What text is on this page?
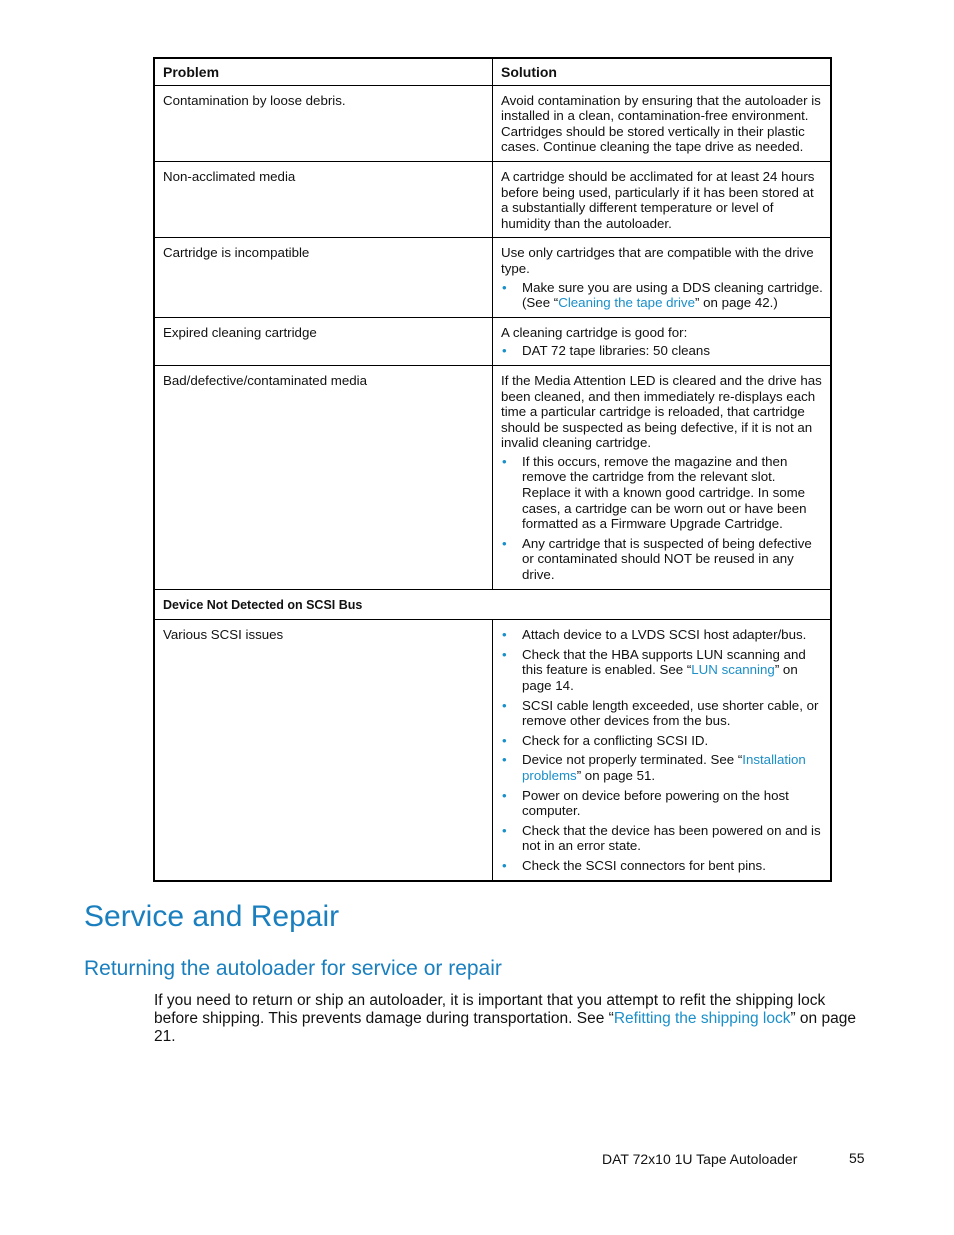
Problem	Solution
Contamination by loose debris.	Avoid contamination by ensuring that the autoloader is installed in a clean, contamination-free environment. Cartridges should be stored vertically in their plastic cases. Continue cleaning the tape drive as needed.
Non-acclimated media	A cartridge should be acclimated for at least 24 hours before being used, particularly if it has been stored at a substantially different temperature or level of humidity than the autoloader.
Cartridge is incompatible	Use only cartridges that are compatible with the drive type.
• Make sure you are using a DDS cleaning cartridge. (See “Cleaning the tape drive” on page 42.)
Expired cleaning cartridge	A cleaning cartridge is good for:
• DAT 72 tape libraries: 50 cleans
Bad/defective/contaminated media	If the Media Attention LED is cleared and the drive has been cleaned, and then immediately re-displays each time a particular cartridge is reloaded, that cartridge should be suspected as being defective, if it is not an invalid cleaning cartridge.
• If this occurs, remove the magazine and then remove the cartridge from the relevant slot. Replace it with a known good cartridge. In some cases, a cartridge can be worn out or have been formatted as a Firmware Upgrade Cartridge.
• Any cartridge that is suspected of being defective or contaminated should NOT be reused in any drive.
Device Not Detected on SCSI Bus
Various SCSI issues	• Attach device to a LVDS SCSI host adapter/bus.
• Check that the HBA supports LUN scanning and this feature is enabled. See “LUN scanning” on page 14.
• SCSI cable length exceeded, use shorter cable, or remove other devices from the bus.
• Check for a conflicting SCSI ID.
• Device not properly terminated. See “Installation problems” on page 51.
• Power on device before powering on the host computer.
• Check that the device has been powered on and is not in an error state.
• Check the SCSI connectors for bent pins.
Service and Repair
Returning the autoloader for service or repair

If you need to return or ship an autoloader, it is important that you attempt to refit the shipping lock before shipping. This prevents damage during transportation. See “Refitting the shipping lock” on page 21.

DAT 72x10 1U Tape Autoloader	55
